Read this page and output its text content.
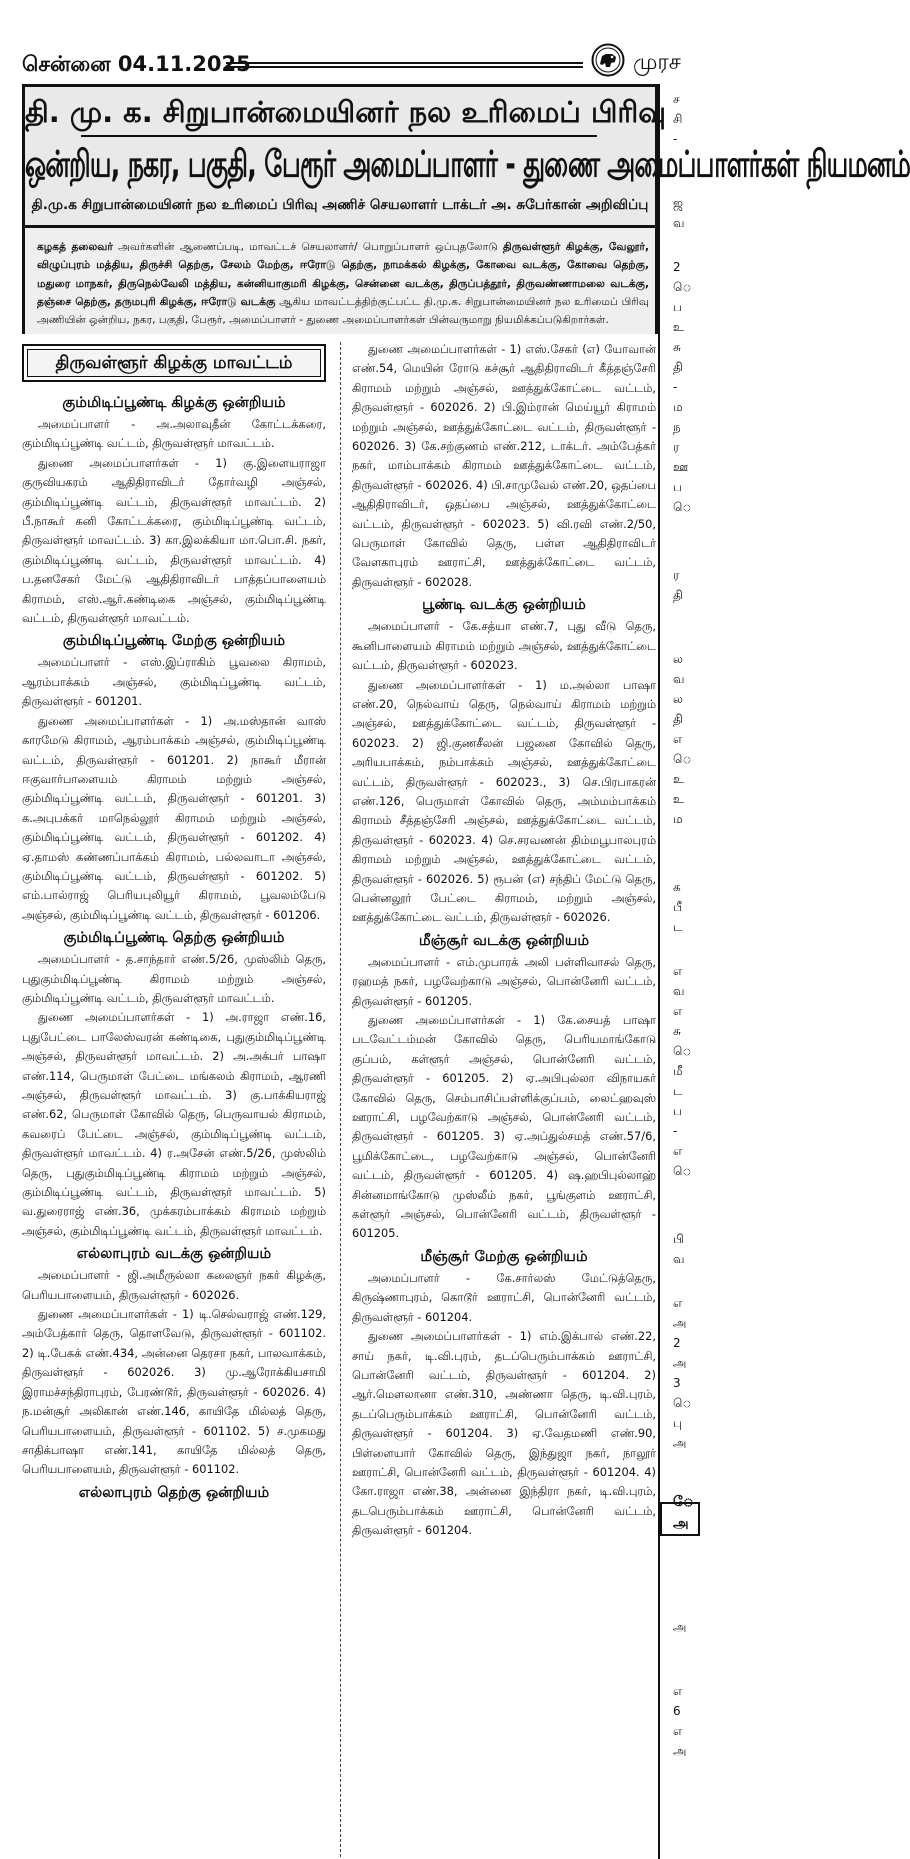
சென்னை 04.11.2025	முரச
தி. மு. க. சிறுபான்மையினர் நல உரிமைப் பிரிவு
ஒன்றிய, நகர, பகுதி, பேரூர் அமைப்பாளர் - துணை அமைப்பாளர்கள் நியமனம்
தி.மு.க சிறுபான்மையினர் நல உரிமைப் பிரிவு அணிச் செயலாளர் டாக்டர் அ. சுபேர்கான் அறிவிப்பு
கழகத் தலைவர் அவர்களின் ஆணைப்படி, மாவட்டச் செயலாளர்/ பொறுப்பாளர் ஒப்புதலோடு திருவள்ளூர் கிழக்கு, வேலூர், விழுப்புரம் மத்திய, திருச்சி தெற்கு, சேலம் மேற்கு, ஈரோடு தெற்கு, நாமக்கல் கிழக்கு, கோவை வடக்கு, கோவை தெற்கு, மதுரை மாநகர், திருநெல்வேலி மத்திய, கன்னியாகுமரி கிழக்கு, சென்னை வடக்கு, திருப்பத்தூர், திருவண்ணாமலை வடக்கு, தஞ்சை தெற்கு, தருமபுரி கிழக்கு, ஈரோடு வடக்கு ஆகிய மாவட்டத்திற்குட்பட்ட தி.மு.க. சிறுபான்மையினர் நல உரிமைப் பிரிவு அணியின் ஒன்றிய, நகர, பகுதி, பேரூர், அமைப்பாளர் - துணை அமைப்பாளர்கள் பின்வருமாறு நியமிக்கப்படுகிறார்கள்.
திருவள்ளூர் கிழக்கு மாவட்டம்
கும்மிடிப்பூண்டி கிழக்கு ஒன்றியம்

அமைப்பாளர் - அ.அலாவுதீன் கோட்டக்கரை, கும்மிடிப்பூண்டி வட்டம், திருவள்ளூர் மாவட்டம்.

துணை அமைப்பாளர்கள் - 1) கு.இளையராஜா குருவியகரம் ஆதிதிராவிடர் தோர்வழி அஞ்சல், கும்மிடிப்பூண்டி வட்டம், திருவள்ளூர் மாவட்டம். 2) பீ.நாகூர் கனி கோட்டக்கரை, கும்மிடிப்பூண்டி வட்டம், திருவள்ளூர் மாவட்டம். 3) கா.இலக்கியா மா.பொ.சி. நகர், கும்மிடிப்பூண்டி வட்டம், திருவள்ளூர் மாவட்டம். 4) ப.தனசேகர் மேட்டு ஆதிதிராவிடர் பாத்தப்பாளையம் கிராமம், எஸ்.ஆர்.கண்டிகை அஞ்சல், கும்மிடிப்பூண்டி வட்டம், திருவள்ளூர் மாவட்டம்.

கும்மிடிப்பூண்டி மேற்கு ஒன்றியம்

அமைப்பாளர் - எஸ்.இப்ராகிம் பூவலை கிராமம், ஆரம்பாக்கம் அஞ்சல், கும்மிடிப்பூண்டி வட்டம், திருவள்ளூர் - 601201.

துணை அமைப்பாளர்கள் - 1) அ.மஸ்தான் வாஸ் காரமேடு கிராமம், ஆரம்பாக்கம் அஞ்சல், கும்மிடிப்பூண்டி வட்டம், திருவள்ளூர் - 601201. 2) நாகூர் மீரான் ஈகுவார்பாளையம் கிராமம் மற்றும் அஞ்சல், கும்மிடிப்பூண்டி வட்டம், திருவள்ளூர் - 601201. 3) க.அபுபக்கர் மாநெல்லூர் கிராமம் மற்றும் அஞ்சல், கும்மிடிப்பூண்டி வட்டம், திருவள்ளூர் - 601202. 4) ஏ.தாமஸ் கண்ணப்பாக்கம் கிராமம், பல்லவாடா அஞ்சல், கும்மிடிப்பூண்டி வட்டம், திருவள்ளூர் - 601202. 5) எம்.பால்ராஜ் பெரியபுலியூர் கிராமம், பூவலம்பேடு அஞ்சல், கும்மிடிப்பூண்டி வட்டம், திருவள்ளூர் - 601206.

கும்மிடிப்பூண்டி தெற்கு ஒன்றியம்

அமைப்பாளர் - த.சாந்தார் எண்.5/26, முஸ்லிம் தெரு, புதுகும்மிடிப்பூண்டி கிராமம் மற்றும் அஞ்சல், கும்மிடிப்பூண்டி வட்டம், திருவள்ளூர் மாவட்டம்.

துணை அமைப்பாளர்கள் - 1) அ.ராஜா எண்.16, புதுபேட்டை பாலேஸ்வரன் கண்டிகை, புதுகும்மிடிப்பூண்டி அஞ்சல், திருவள்ளூர் மாவட்டம். 2) அ.அக்பர் பாஷா எண்.114, பெருமாள் பேட்டை மங்கலம் கிராமம், ஆரணி அஞ்சல், திருவள்ளூர் மாவட்டம். 3) கு.பாக்கியராஜ் எண்.62, பெருமாள் கோவில் தெரு, பெருவாயல் கிராமம், கவரைப் பேட்டை அஞ்சல், கும்மிடிப்பூண்டி வட்டம், திருவள்ளூர் மாவட்டம். 4) ர.அசேன் எண்.5/26, முஸ்லிம் தெரு, புதுகும்மிடிப்பூண்டி கிராமம் மற்றும் அஞ்சல், கும்மிடிப்பூண்டி வட்டம், திருவள்ளூர் மாவட்டம். 5) வ.துரைராஜ் எண்.36, முக்கரம்பாக்கம் கிராமம் மற்றும் அஞ்சல், கும்மிடிப்பூண்டி வட்டம், திருவள்ளூர் மாவட்டம்.

எல்லாபுரம் வடக்கு ஒன்றியம்

அமைப்பாளர் - ஜி.அமீருல்லா கலைஞர் நகர் கிழக்கு, பெரியபாளையம், திருவள்ளூர் - 602026.

துணை அமைப்பாளர்கள் - 1) டி.செல்வராஜ் எண்.129, அம்பேத்கார் தெரு, தொளவேடு, திருவள்ளூர் - 601102. 2) டி.பேசுக் எண்.434, அன்னை தெரசா நகர், பாலவாக்கம், திருவள்ளூர் - 602026. 3) மு.ஆரோக்கியசாமி இராமச்சந்திராபுரம், பேரண்டூர், திருவள்ளூர் - 602026. 4) ந.மன்சூர் அலிகான் எண்.146, காயிதே மில்லத் தெரு, பெரியபாளையம், திருவள்ளூர் - 601102. 5) ச.முகமது சாதிக்பாஷா எண்.141, காயிதே மில்லத் தெரு, பெரியபாளையம், திருவள்ளூர் - 601102.

எல்லாபுரம் தெற்கு ஒன்றியம்

துணை அமைப்பாளர்கள் - 1) எஸ்.சேகர் (எ) யோவான் எண்.54, மெயின் ரோடு கச்சூர் ஆதிதிராவிடர் கீத்தஞ்சேரி கிராமம் மற்றும் அஞ்சல், ஊத்துக்கோட்டை வட்டம், திருவள்ளூர் - 602026. 2) பி.இம்ரான் மெய்யூர் கிராமம் மற்றும் அஞ்சல், ஊத்துக்கோட்டை வட்டம், திருவள்ளூர் - 602026. 3) கே.சற்குணம் எண்.212, டாக்டர். அம்பேத்கர் நகர், மாம்பாக்கம் கிராமம் ஊத்துக்கோட்டை வட்டம், திருவள்ளூர் - 602026. 4) பி.சாமுவேல் எண்.20, ஒதப்பை ஆதிதிராவிடர், ஒதப்பை அஞ்சல், ஊத்துக்கோட்டை வட்டம், திருவள்ளூர் - 602023. 5) வி.ரவி எண்.2/50, பெருமாள் கோவில் தெரு, பள்ள ஆதிதிராவிடர் வேளகாபுரம் ஊராட்சி, ஊத்துக்கோட்டை வட்டம், திருவள்ளூர் - 602028.

பூண்டி வடக்கு ஒன்றியம்

அமைப்பாளர் - கே.சத்யா எண்.7, புது வீடு தெரு, கூனிபாளையம் கிராமம் மற்றும் அஞ்சல், ஊத்துக்கோட்டை வட்டம், திருவள்ளூர் - 602023.

துணை அமைப்பாளர்கள் - 1) ம.அல்லா பாஷா எண்.20, நெல்வாய் தெரு, நெல்வாய் கிராமம் மற்றும் அஞ்சல், ஊத்துக்கோட்டை வட்டம், திருவள்ளூர் - 602023. 2) ஜி.குணசீலன் பஜனை கோவில் தெரு, அரியபாக்கம், நம்பாக்கம் அஞ்சல், ஊத்துக்கோட்டை வட்டம், திருவள்ளூர் - 602023., 3) செ.பிரபாகரன் எண்.126, பெருமாள் கோவில் தெரு, அம்மம்பாக்கம் கிராமம் சீத்தஞ்சேரி அஞ்சல், ஊத்துக்கோட்டை வட்டம், திருவள்ளூர் - 602023. 4) செ.சரவணன் திம்மபூபாலபுரம் கிராமம் மற்றும் அஞ்சல், ஊத்துக்கோட்டை வட்டம், திருவள்ளூர் - 602026. 5) ரூபன் (எ) சந்திப் மேட்டு தெரு, பென்னலூர் பேட்டை கிராமம், மற்றும் அஞ்சல், ஊத்துக்கோட்டை வட்டம், திருவள்ளூர் - 602026.

மீஞ்சூர் வடக்கு ஒன்றியம்

அமைப்பாளர் - எம்.முபாரக் அலி பள்ளிவாசல் தெரு, ரஹமத் நகர், பழவேற்காடு அஞ்சல், பொன்னேரி வட்டம், திருவள்ளூர் - 601205.

துணை அமைப்பாளர்கள் - 1) கே.சையத் பாஷா படவேட்டம்மன் கோவில் தெரு, பெரியமாங்கோடு குப்பம், கள்ளூர் அஞ்சல், பொன்னேரி வட்டம், திருவள்ளூர் - 601205. 2) ஏ.அபிபுல்லா விநாயகர் கோவில் தெரு, செம்பாசிப்பள்ளிக்குப்பம், லைட்ஹவுஸ் ஊராட்சி, பழவேற்காடு அஞ்சல், பொன்னேரி வட்டம், திருவள்ளூர் - 601205. 3) ஏ.அப்துல்சமத் எண்.57/6, பூமிக்கோட்டை, பழவேற்காடு அஞ்சல், பொன்னேரி வட்டம், திருவள்ளூர் - 601205. 4) ஷ.ஹபிபுல்லாஹ் சின்னமாங்கோடு முஸ்லீம் நகர், பூங்குளம் ஊராட்சி, கள்ளூர் அஞ்சல், பொன்னேரி வட்டம், திருவள்ளூர் - 601205.

மீஞ்சூர் மேற்கு ஒன்றியம்

அமைப்பாளர் - கே.சார்லஸ் மேட்டுத்தெரு, கிருஷ்ணாபுரம், கொடூர் ஊராட்சி, பொன்னேரி வட்டம், திருவள்ளூர் - 601204.

துணை அமைப்பாளர்கள் - 1) எம்.இக்பால் எண்.22, சாய் நகர், டி.வி.புரம், தடப்பெரும்பாக்கம் ஊராட்சி, பொன்னேரி வட்டம், திருவள்ளூர் - 601204. 2) ஆர்.மௌலானா எண்.310, அண்ணா தெரு, டி.வி.புரம், தடப்பெரும்பாக்கம் ஊராட்சி, பொன்னேரி வட்டம், திருவள்ளூர் - 601204. 3) ஏ.வேதமணி எண்.90, பிள்ளையார் கோவில் தெரு, இந்துஜா நகர், நாலூர் ஊராட்சி, பொன்னேரி வட்டம், திருவள்ளூர் - 601204. 4) கோ.ராஜா எண்.38, அன்னை இந்திரா நகர், டி.வி.புரம், தடபெரும்பாக்கம் ஊராட்சி, பொன்னேரி வட்டம், திருவள்ளூர் - 601204.

ச
சி
-
ஜ
வ
2
ெ
ப
உ
சு
தி
-
ம
ந
ர
ஊ
ப
ெ
ர
தி
ல
வ
ல
தி
எ
ெ
உ
உ
ம
க
பீ
ட
எ
வ
எ
சு
ெ
மீ
ட
ப
-
எ
ெ
பி
வ
எ
அ
2
அ
3
ெ
பு
அ
ே
அ
அ
எ
6
எ
அ
